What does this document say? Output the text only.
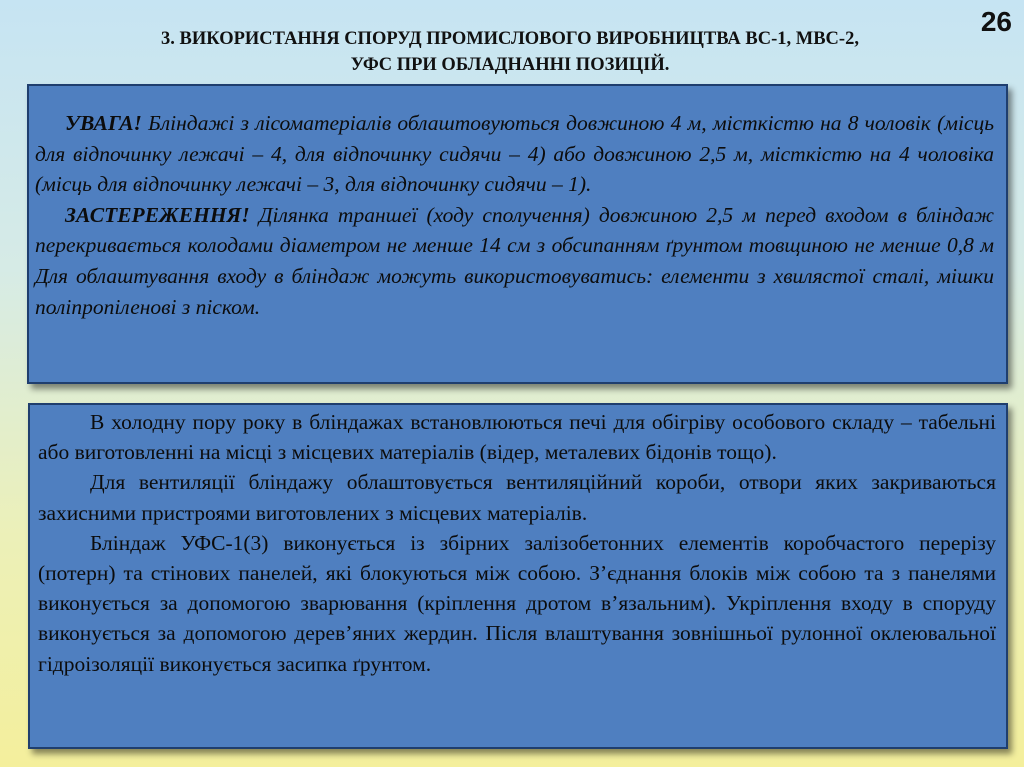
26
3. ВИКОРИСТАННЯ СПОРУД ПРОМИСЛОВОГО ВИРОБНИЦТВА ВС-1, МВС-2,
УФС ПРИ ОБЛАДНАННІ ПОЗИЦІЙ.

УВАГА! Бліндажі з лісоматеріалів облаштовуються довжиною 4 м, місткістю на 8 чоловік (місць для відпочинку лежачі – 4, для відпочинку сидячи – 4) або довжиною 2,5 м, місткістю на 4 чоловіка (місць для відпочинку лежачі – 3, для відпочинку сидячи – 1).

ЗАСТЕРЕЖЕННЯ! Ділянка траншеї (ходу сполучення) довжиною 2,5 м перед входом в бліндаж перекривається колодами діаметром не менше 14 см з обсипанням ґрунтом товщиною не менше 0,8 м Для облаштування входу в бліндаж можуть використовуватись: елементи з хвилястої сталі, мішки поліпропіленові з піском.

В холодну пору року в бліндажах встановлюються печі для обігріву особового складу – табельні або виготовленні на місці з місцевих матеріалів (відер, металевих бідонів тощо).

Для вентиляції бліндажу облаштовується вентиляційний короби, отвори яких закриваються захисними пристроями виготовлених з місцевих матеріалів.

Бліндаж УФС-1(3) виконується із збірних залізобетонних елементів коробчастого перерізу (потерн) та стінових панелей, які блокуються між собою. З’єднання блоків між собою та з панелями виконується за допомогою зварювання (кріплення дротом в’язальним). Укріплення входу в споруду виконується за допомогою дерев’яних жердин. Після влаштування зовнішньої рулонної оклеювальної гідроізоляції виконується засипка ґрунтом.
